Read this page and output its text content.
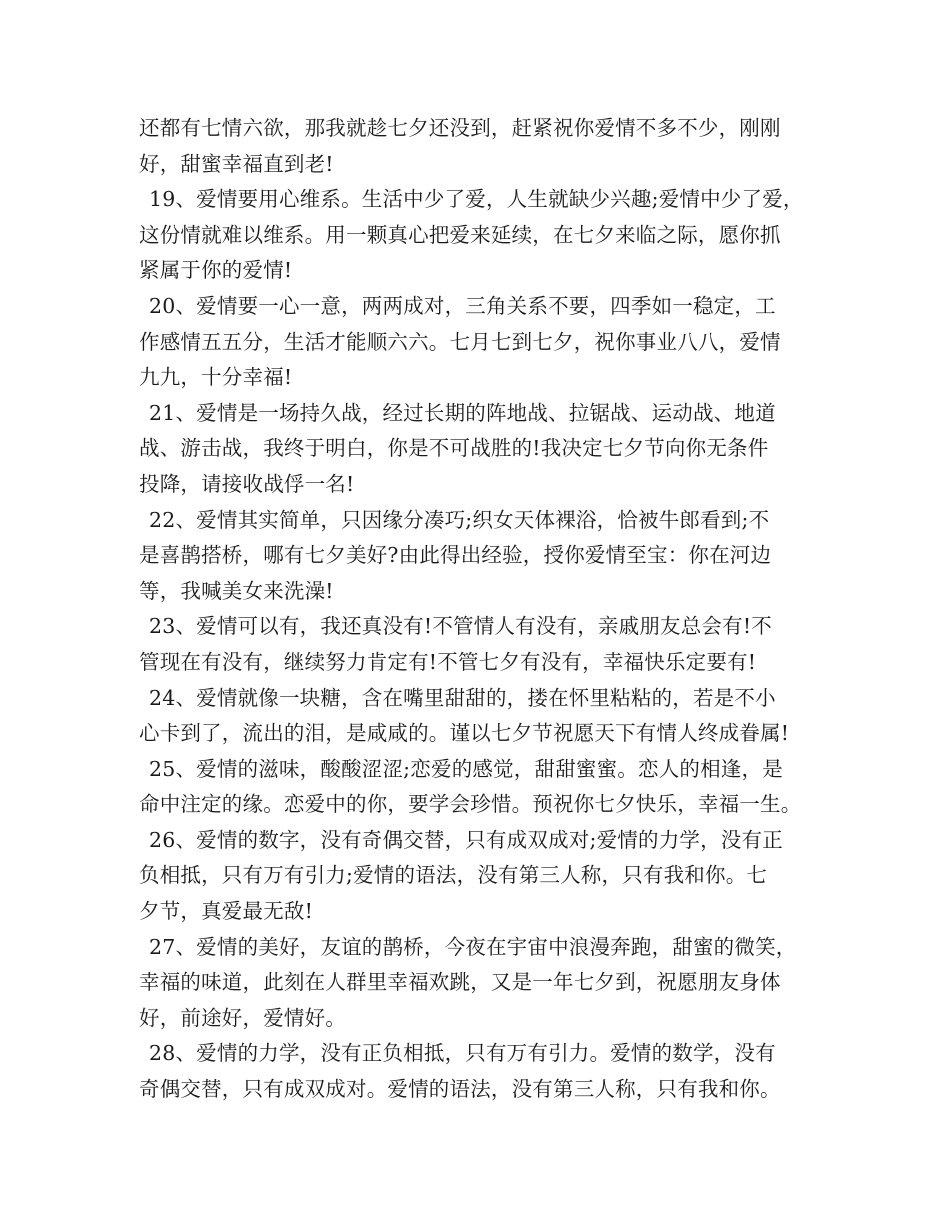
还都有七情六欲，那我就趁七夕还没到，赶紧祝你爱情不多不少，刚刚
好，甜蜜幸福直到老!
19、爱情要用心维系。生活中少了爱，人生就缺少兴趣;爱情中少了爱，
这份情就难以维系。用一颗真心把爱来延续，在七夕来临之际，愿你抓
紧属于你的爱情!
20、爱情要一心一意，两两成对，三角关系不要，四季如一稳定，工
作感情五五分，生活才能顺六六。七月七到七夕，祝你事业八八，爱情
九九，十分幸福!
21、爱情是一场持久战，经过长期的阵地战、拉锯战、运动战、地道
战、游击战，我终于明白，你是不可战胜的!我决定七夕节向你无条件
投降，请接收战俘一名!
22、爱情其实简单，只因缘分凑巧;织女天体裸浴，恰被牛郎看到;不
是喜鹊搭桥，哪有七夕美好?由此得出经验，授你爱情至宝：你在河边
等，我喊美女来洗澡!
23、爱情可以有，我还真没有!不管情人有没有，亲戚朋友总会有!不
管现在有没有，继续努力肯定有!不管七夕有没有，幸福快乐定要有!
24、爱情就像一块糖，含在嘴里甜甜的，搂在怀里粘粘的，若是不小
心卡到了，流出的泪，是咸咸的。谨以七夕节祝愿天下有情人终成眷属!
25、爱情的滋味，酸酸涩涩;恋爱的感觉，甜甜蜜蜜。恋人的相逢，是
命中注定的缘。恋爱中的你，要学会珍惜。预祝你七夕快乐，幸福一生。
26、爱情的数字，没有奇偶交替，只有成双成对;爱情的力学，没有正
负相抵，只有万有引力;爱情的语法，没有第三人称，只有我和你。七
夕节，真爱最无敌!
27、爱情的美好，友谊的鹊桥，今夜在宇宙中浪漫奔跑，甜蜜的微笑，
幸福的味道，此刻在人群里幸福欢跳，又是一年七夕到，祝愿朋友身体
好，前途好，爱情好。
28、爱情的力学，没有正负相抵，只有万有引力。爱情的数学，没有
奇偶交替，只有成双成对。爱情的语法，没有第三人称，只有我和你。
